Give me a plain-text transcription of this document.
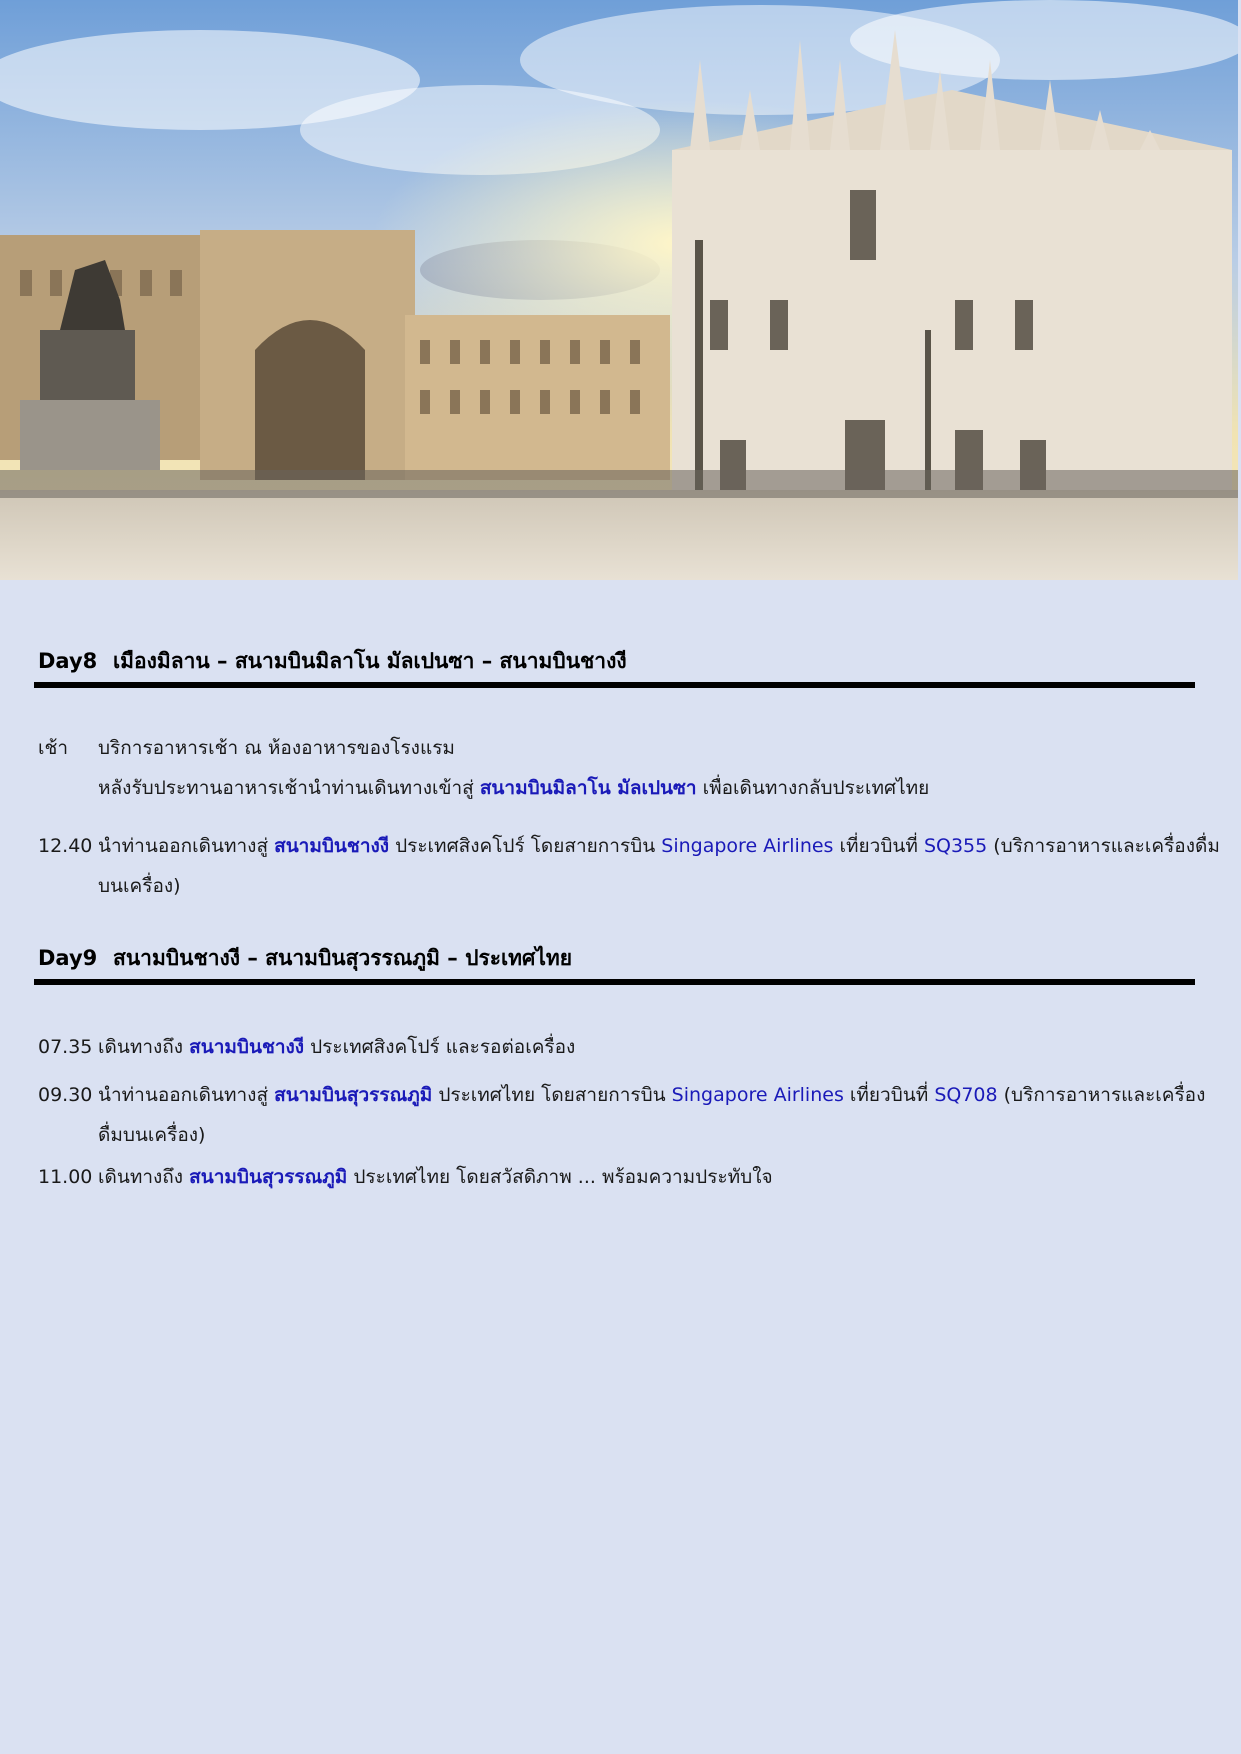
Day8 เมืองมิลาน – สนามบินมิลาโน มัลเปนซา – สนามบินชางงี
เช้า	บริการอาหารเช้า ณ ห้องอาหารของโรงแรม
หลังรับประทานอาหารเช้านำท่านเดินทางเข้าสู่ สนามบินมิลาโน มัลเปนซา เพื่อเดินทางกลับประเทศไทย
12.40 นำท่านออกเดินทางสู่ สนามบินชางงี ประเทศสิงคโปร์ โดยสายการบิน Singapore Airlines เที่ยวบินที่ SQ355 (บริการอาหารและเครื่องดื่มบนเครื่อง)
Day9 สนามบินชางงี – สนามบินสุวรรณภูมิ – ประเทศไทย
07.35 เดินทางถึง สนามบินชางงี ประเทศสิงคโปร์ และรอต่อเครื่อง
09.30 นำท่านออกเดินทางสู่ สนามบินสุวรรณภูมิ ประเทศไทย โดยสายการบิน Singapore Airlines เที่ยวบินที่ SQ708 (บริการอาหารและเครื่องดื่มบนเครื่อง)
11.00 เดินทางถึง สนามบินสุวรรณภูมิ ประเทศไทย โดยสวัสดิภาพ ... พร้อมความประทับใจ
